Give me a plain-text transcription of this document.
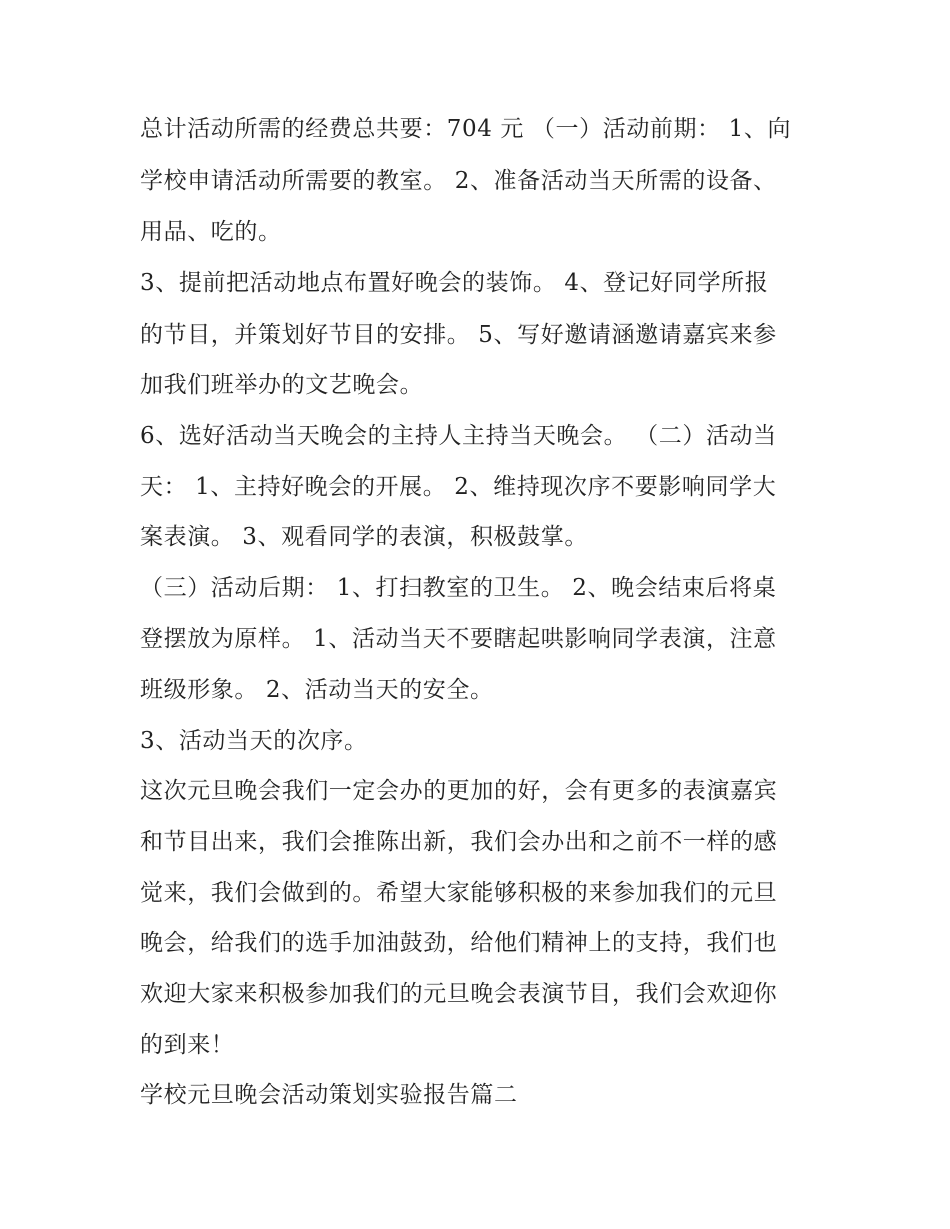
总计活动所需的经费总共要：704 元 （一）活动前期： 1、向
学校申请活动所需要的教室。 2、准备活动当天所需的设备、
用品、吃的。
3、提前把活动地点布置好晚会的装饰。 4、登记好同学所报
的节目，并策划好节目的安排。 5、写好邀请涵邀请嘉宾来参
加我们班举办的文艺晚会。
6、选好活动当天晚会的主持人主持当天晚会。 （二）活动当
天： 1、主持好晚会的开展。 2、维持现次序不要影响同学大
案表演。 3、观看同学的表演，积极鼓掌。
（三）活动后期： 1、打扫教室的卫生。 2、晚会结束后将桌
登摆放为原样。 1、活动当天不要瞎起哄影响同学表演，注意
班级形象。 2、活动当天的安全。
3、活动当天的次序。
这次元旦晚会我们一定会办的更加的好，会有更多的表演嘉宾
和节目出来，我们会推陈出新，我们会办出和之前不一样的感
觉来，我们会做到的。希望大家能够积极的来参加我们的元旦
晚会，给我们的选手加油鼓劲，给他们精神上的支持，我们也
欢迎大家来积极参加我们的元旦晚会表演节目，我们会欢迎你
的到来！
学校元旦晚会活动策划实验报告篇二
